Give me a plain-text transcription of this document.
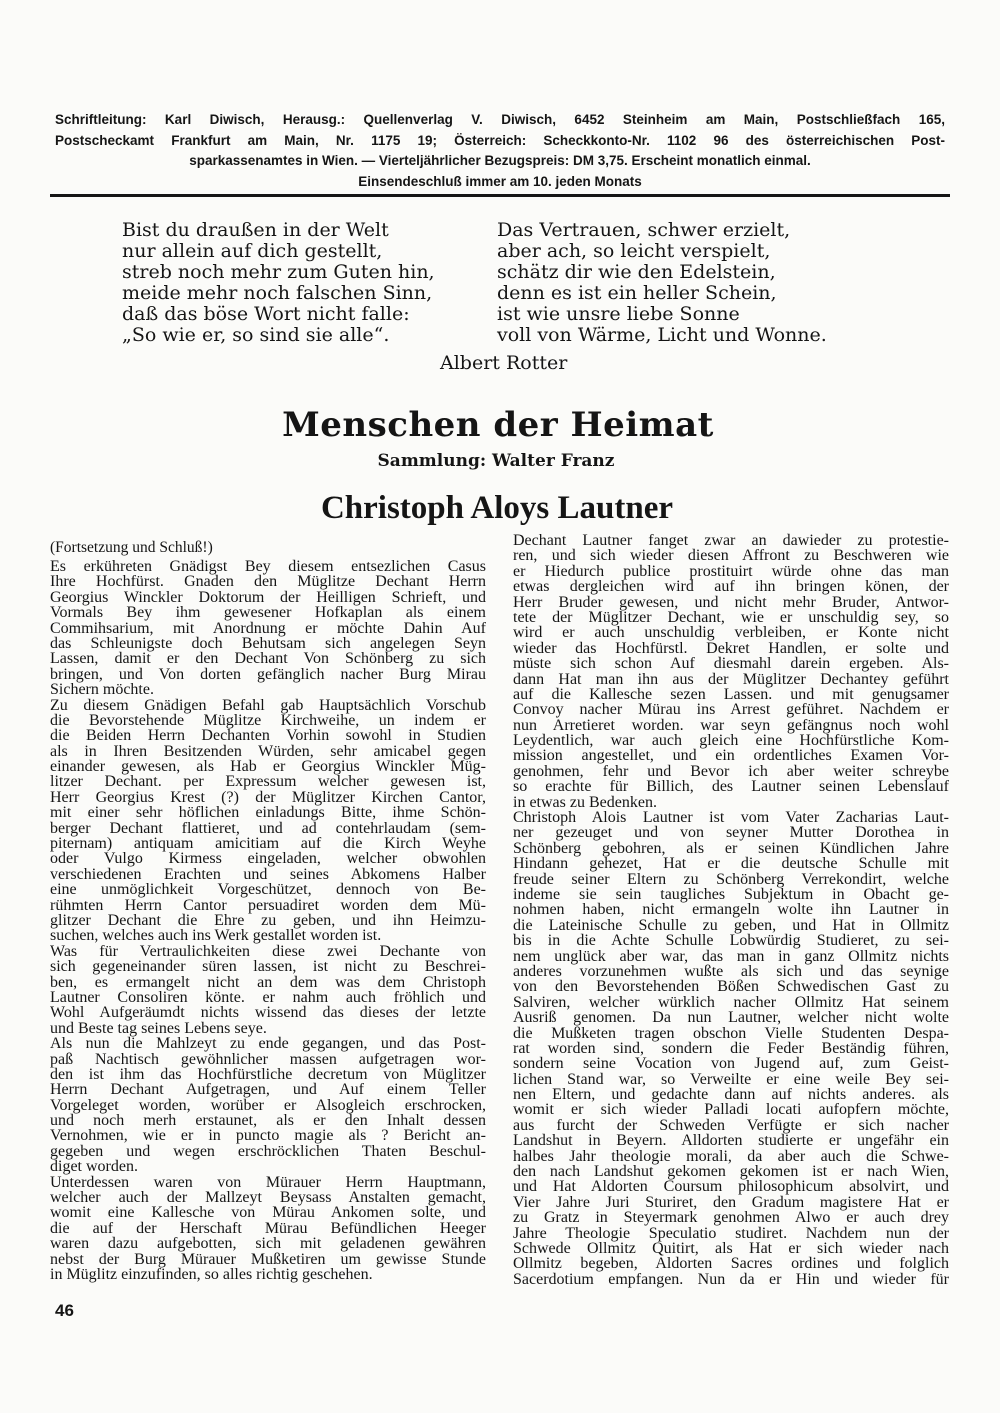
Schriftleitung: Karl Diwisch, Herausg.: Quellenverlag V. Diwisch, 6452 Steinheim am Main, Postschließfach 165,
Postscheckamt Frankfurt am Main, Nr. 1175 19; Österreich: Scheckkonto-Nr. 1102 96 des österreichischen Post-
sparkassenamtes in Wien. — Vierteljährlicher Bezugspreis: DM 3,75. Erscheint monatlich einmal.
Einsendeschluß immer am 10. jeden Monats
Bist du draußen in der Welt
nur allein auf dich gestellt,
streb noch mehr zum Guten hin,
meide mehr noch falschen Sinn,
daß das böse Wort nicht falle:
„So wie er, so sind sie alle“.
Das Vertrauen, schwer erzielt,
aber ach, so leicht verspielt,
schätz dir wie den Edelstein,
denn es ist ein heller Schein,
ist wie unsre liebe Sonne
voll von Wärme, Licht und Wonne.
Albert Rotter
Menschen der Heimat
Sammlung: Walter Franz
Christoph Aloys Lautner
(Fortsetzung und Schluß!)
Es erkühreten Gnädigst Bey diesem entsezlichen Casus
Ihre Hochfürst. Gnaden den Müglitze Dechant Herrn
Georgius Winckler Doktorum der Heilligen Schrieft, und
Vormals Bey ihm gewesener Hofkaplan als einem
Commihsarium, mit Anordnung er möchte Dahin Auf
das Schleunigste doch Behutsam sich angelegen Seyn
Lassen, damit er den Dechant Von Schönberg zu sich
bringen, und Von dorten gefänglich nacher Burg Mirau
Sichern möchte.
Zu diesem Gnädigen Befahl gab Hauptsächlich Vorschub
die Bevorstehende Müglitze Kirchweihe, un indem er
die Beiden Herrn Dechanten Vorhin sowohl in Studien
als in Ihren Besitzenden Würden, sehr amicabel gegen
einander gewesen, als Hab er Georgius Winckler Müg-
litzer Dechant. per Expressum welcher gewesen ist,
Herr Georgius Krest (?) der Müglitzer Kirchen Cantor,
mit einer sehr höflichen einladungs Bitte, ihme Schön-
berger Dechant flattieret, und ad contehrlaudam (sem-
piternam) antiquam amicitiam auf die Kirch Weyhe
oder Vulgo Kirmess eingeladen, welcher obwohlen
verschiedenen Erachten und seines Abkomens Halber
eine unmöglichkeit Vorgeschützet, dennoch von Be-
rühmten Herrn Cantor persuadiret worden dem Mü-
glitzer Dechant die Ehre zu geben, und ihn Heimzu-
suchen, welches auch ins Werk gestallet worden ist.
Was für Vertraulichkeiten diese zwei Dechante von
sich gegeneinander süren lassen, ist nicht zu Beschrei-
ben, es ermangelt nicht an dem was dem Christoph
Lautner Consoliren könte. er nahm auch fröhlich und
Wohl Aufgeräumdt nichts wissend das dieses der letzte
und Beste tag seines Lebens seye.
Als nun die Mahlzeyt zu ende gegangen, und das Post-
paß Nachtisch gewöhnlicher massen aufgetragen wor-
den ist ihm das Hochfürstliche decretum von Müglitzer
Herrn Dechant Aufgetragen, und Auf einem Teller
Vorgeleget worden, worüber er Alsogleich erschrocken,
und noch merh erstaunet, als er den Inhalt dessen
Vernohmen, wie er in puncto magie als ? Bericht an-
gegeben und wegen erschröcklichen Thaten Beschul-
diget worden.
Unterdessen waren von Mürauer Herrn Hauptmann,
welcher auch der Mallzeyt Beysass Anstalten gemacht,
womit eine Kallesche von Mürau Ankomen solte, und
die auf der Herschaft Mürau Befündlichen Heeger
waren dazu aufgebotten, sich mit geladenen gewähren
nebst der Burg Mürauer Mußketiren um gewisse Stunde
in Müglitz einzufinden, so alles richtig geschehen.
Dechant Lautner fanget zwar an dawieder zu protestie-
ren, und sich wieder diesen Affront zu Beschweren wie
er Hiedurch publice prostituirt würde ohne das man
etwas dergleichen wird auf ihn bringen könen, der
Herr Bruder gewesen, und nicht mehr Bruder, Antwor-
tete der Müglitzer Dechant, wie er unschuldig sey, so
wird er auch unschuldig verbleiben, er Konte nicht
wieder das Hochfürstl. Dekret Handlen, er solte und
müste sich schon Auf diesmahl darein ergeben. Als-
dann Hat man ihn aus der Müglitzer Dechantey geführt
auf die Kallesche sezen Lassen. und mit genugsamer
Convoy nacher Mürau ins Arrest geführet. Nachdem er
nun Arretieret worden. war seyn gefängnus noch wohl
Leydentlich, war auch gleich eine Hochfürstliche Kom-
mission angestellet, und ein ordentliches Examen Vor-
genohmen, fehr und Bevor ich aber weiter schreybe
so erachte für Billich, des Lautner seinen Lebenslauf
in etwas zu Bedenken.
Christoph Alois Lautner ist vom Vater Zacharias Laut-
ner gezeuget und von seyner Mutter Dorothea in
Schönberg gebohren, als er seinen Kündlichen Jahre
Hindann gehezet, Hat er die deutsche Schulle mit
freude seiner Eltern zu Schönberg Verrekondirt, welche
indeme sie sein taugliches Subjektum in Obacht ge-
nohmen haben, nicht ermangeln wolte ihn Lautner in
die Lateinische Schulle zu geben, und Hat in Ollmitz
bis in die Achte Schulle Lobwürdig Studieret, zu sei-
nem unglück aber war, das man in ganz Ollmitz nichts
anderes vorzunehmen wußte als sich und das seynige
von den Bevorstehenden Bößen Schwedischen Gast zu
Salviren, welcher würklich nacher Ollmitz Hat seinem
Ausriß genomen. Da nun Lautner, welcher nicht wolte
die Mußketen tragen obschon Vielle Studenten Despa-
rat worden sind, sondern die Feder Beständig führen,
sondern seine Vocation von Jugend auf, zum Geist-
lichen Stand war, so Verweilte er eine weile Bey sei-
nen Eltern, und gedachte dann auf nichts anderes. als
womit er sich wieder Palladi locati aufopfern möchte,
aus furcht der Schweden Verfügte er sich nacher
Landshut in Beyern. Alldorten studierte er ungefähr ein
halbes Jahr theologie morali, da aber auch die Schwe-
den nach Landshut gekomen gekomen ist er nach Wien,
und Hat Aldorten Coursum philosophicum absolvirt, und
Vier Jahre Juri Sturiret, den Gradum magistere Hat er
zu Gratz in Steyermark genohmen Alwo er auch drey
Jahre Theologie Speculatio studiret. Nachdem nun der
Schwede Ollmitz Quitirt, als Hat er sich wieder nach
Ollmitz begeben, Aldorten Sacres ordines und folglich
Sacerdotium empfangen. Nun da er Hin und wieder für
46
